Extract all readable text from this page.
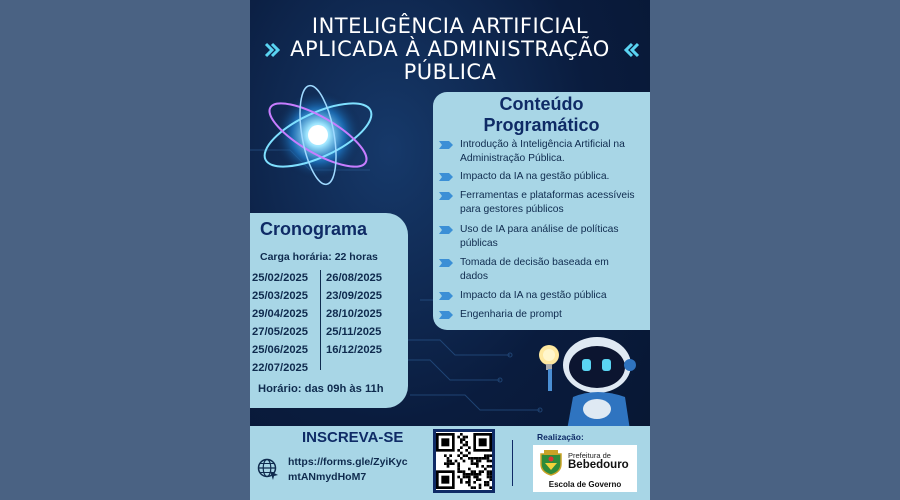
INTELIGÊNCIA ARTIFICIAL
APLICADA À ADMINISTRAÇÃO
PÚBLICA
Conteúdo
Programático
Introdução à Inteligência Artificial na
Administração Pública.
Impacto da IA na gestão pública.
Ferramentas e plataformas acessíveis
para gestores públicos
Uso de IA para análise de políticas
públicas
Tomada de decisão baseada em
dados
Impacto da IA na gestão pública
Engenharia de prompt
Cronograma
Carga horária: 22 horas
25/02/2025
25/03/2025
29/04/2025
27/05/2025
25/06/2025
22/07/2025
26/08/2025
23/09/2025
28/10/2025
25/11/2025
16/12/2025
Horário: das 09h às 11h
INSCREVA-SE
https://forms.gle/ZyiKyc
mtANmydHoM7
Realização:
Prefeitura de
Bebedouro
Escola de Governo
